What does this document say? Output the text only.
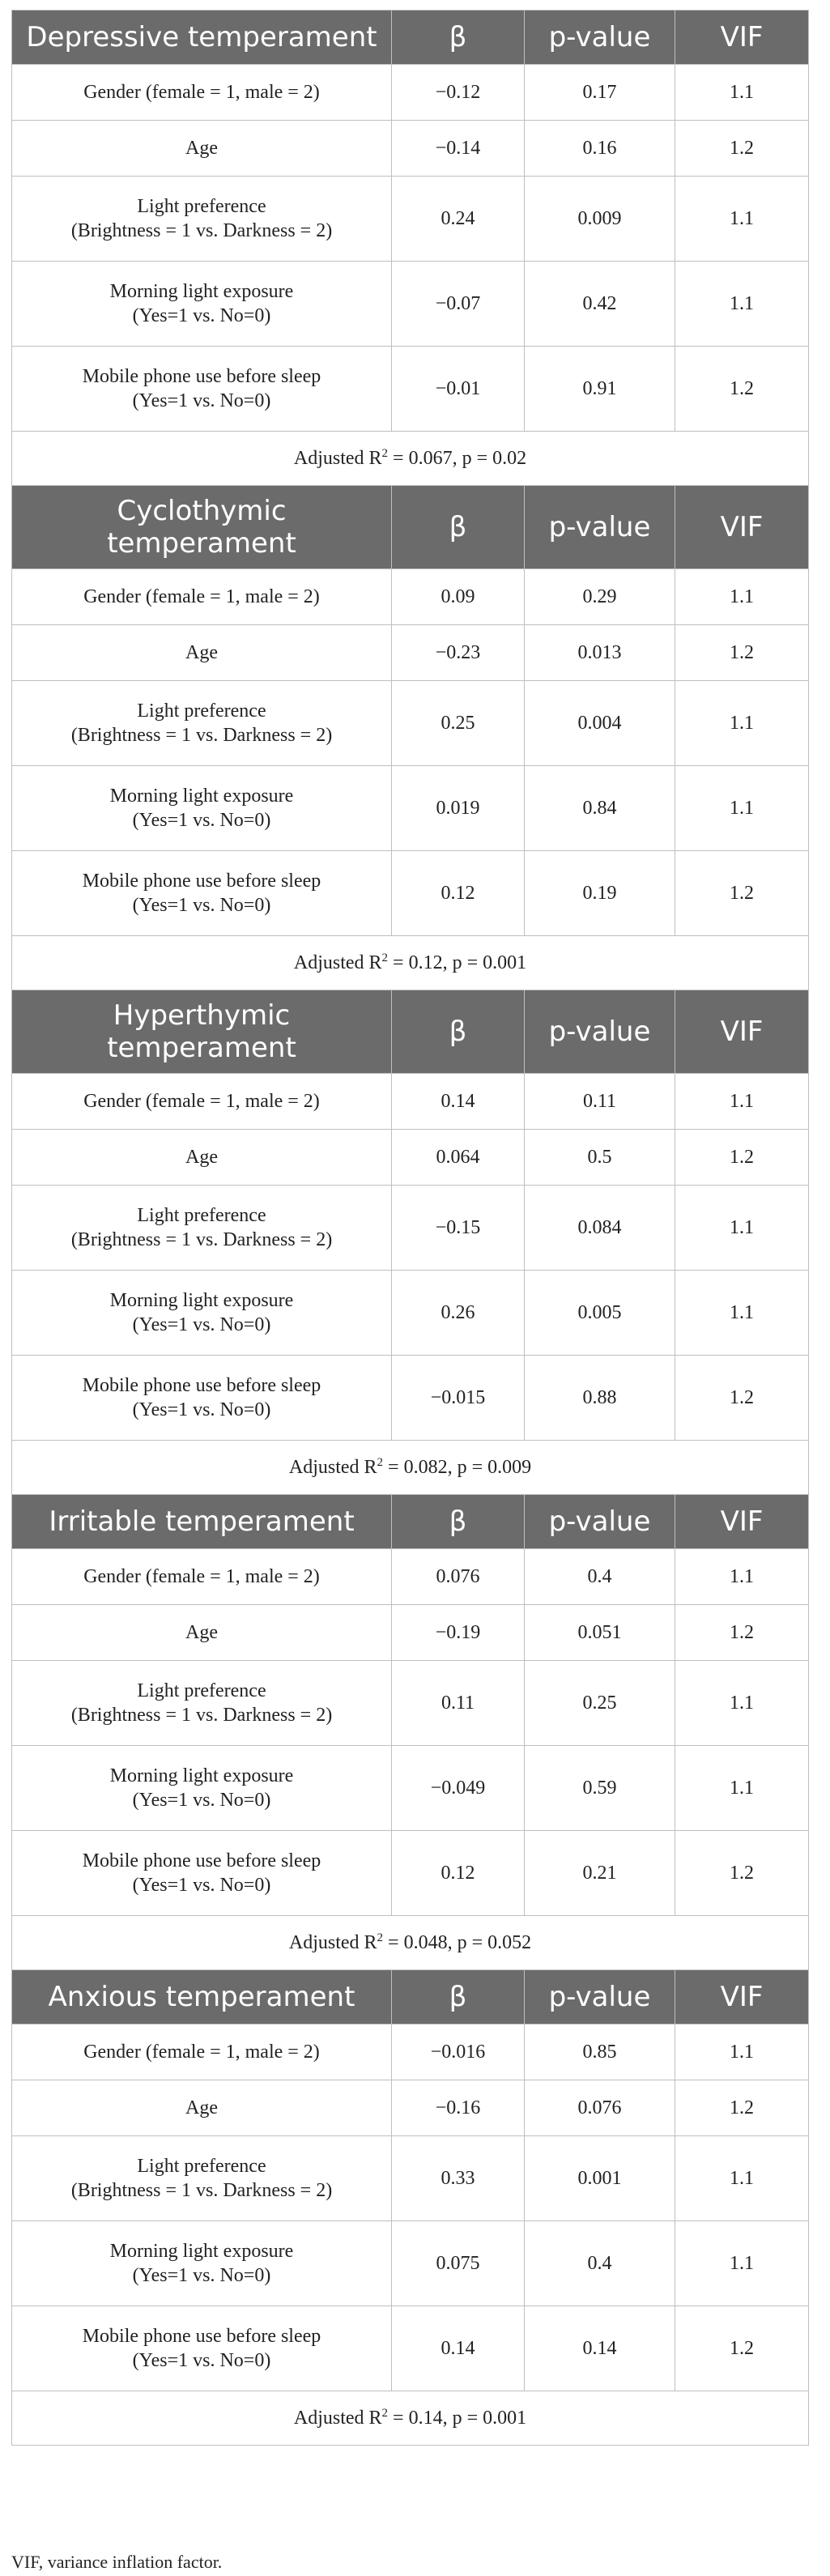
Depressive temperament	β	p-value	VIF
Gender (female = 1, male = 2)	−0.12	0.17	1.1
Age	−0.14	0.16	1.2
Light preference
(Brightness = 1 vs. Darkness = 2)	0.24	0.009	1.1
Morning light exposure
(Yes=1 vs. No=0)	−0.07	0.42	1.1
Mobile phone use before sleep
(Yes=1 vs. No=0)	−0.01	0.91	1.2
Adjusted $R^2 = 0.067$, p = 0.02			
Cyclothymic temperament	β	p-value	VIF
Gender (female = 1, male = 2)	0.09	0.29	1.1
Age	−0.23	0.013	1.2
Light preference
(Brightness = 1 vs. Darkness = 2)	0.25	0.004	1.1
Morning light exposure
(Yes=1 vs. No=0)	0.019	0.84	1.1
Mobile phone use before sleep
(Yes=1 vs. No=0)	0.12	0.19	1.2
Adjusted $R^2 = 0.12$, p = 0.001			
Hyperthymic temperament	β	p-value	VIF
Gender (female = 1, male = 2)	0.14	0.11	1.1
Age	0.064	0.5	1.2
Light preference
(Brightness = 1 vs. Darkness = 2)	−0.15	0.084	1.1
Morning light exposure
(Yes=1 vs. No=0)	0.26	0.005	1.1
Mobile phone use before sleep
(Yes=1 vs. No=0)	−0.015	0.88	1.2
Adjusted $R^2 = 0.082$, p = 0.009			
Irritable temperament	β	p-value	VIF
Gender (female = 1, male = 2)	0.076	0.4	1.1
Age	−0.19	0.051	1.2
Light preference
(Brightness = 1 vs. Darkness = 2)	0.11	0.25	1.1
Morning light exposure
(Yes=1 vs. No=0)	−0.049	0.59	1.1
Mobile phone use before sleep
(Yes=1 vs. No=0)	0.12	0.21	1.2
Adjusted $R^2 = 0.048$, p = 0.052			
Anxious temperament	β	p-value	VIF
Gender (female = 1, male = 2)	−0.016	0.85	1.1
Age	−0.16	0.076	1.2
Light preference
(Brightness = 1 vs. Darkness = 2)	0.33	0.001	1.1
Morning light exposure
(Yes=1 vs. No=0)	0.075	0.4	1.1
Mobile phone use before sleep
(Yes=1 vs. No=0)	0.14	0.14	1.2
Adjusted $R^2 = 0.14$, p = 0.001			
VIF, variance inflation factor.
